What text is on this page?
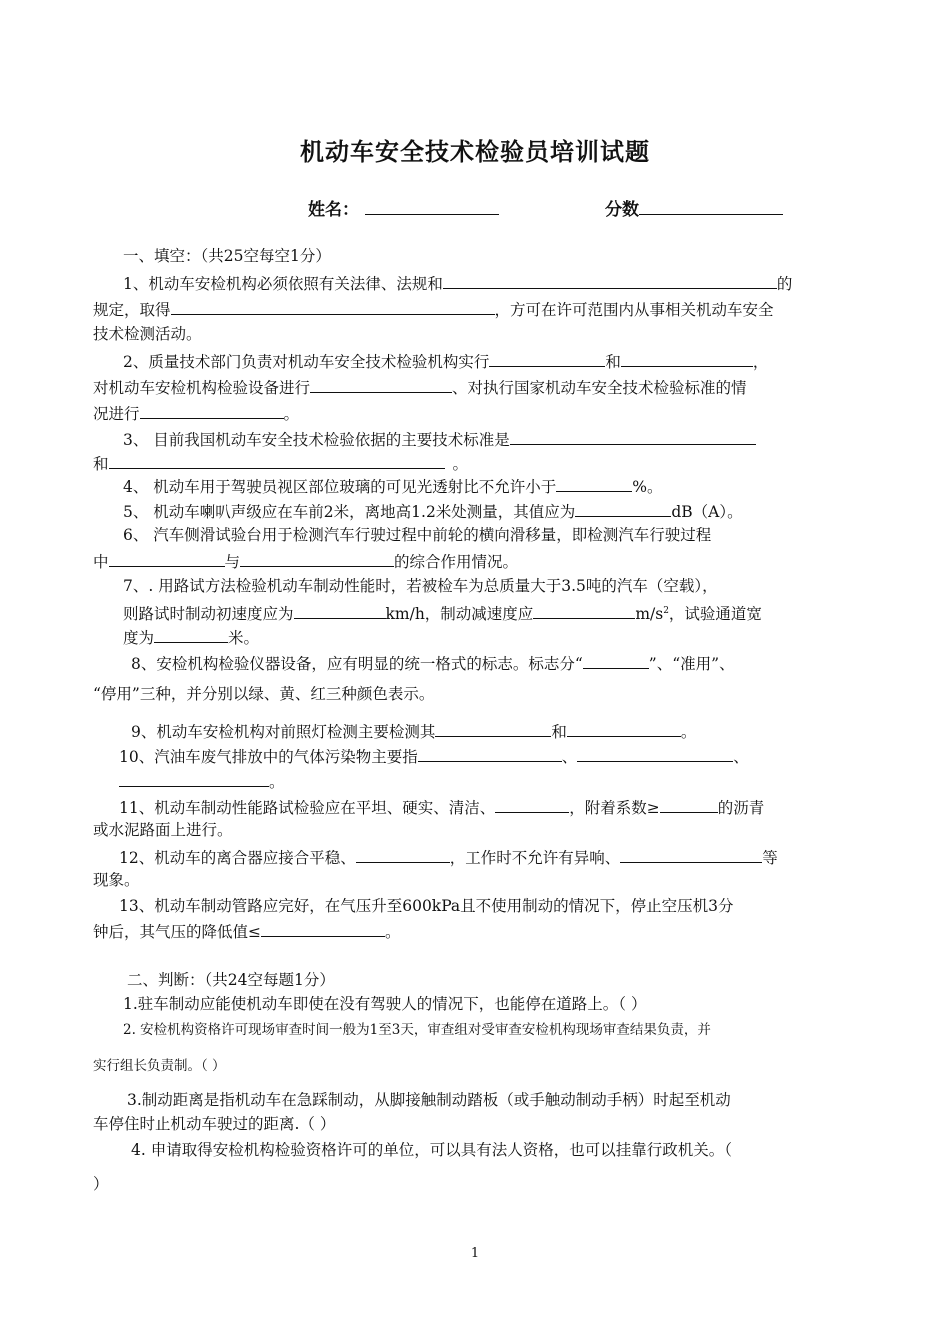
机动车安全技术检验员培训试题
姓名：	分数
一、填空：（共25空每空1分）
1、机动车安检机构必须依照有关法律、法规和	的
规定，取得	，方可在许可范围内从事相关机动车安全
技术检测活动。
2、质量技术部门负责对机动车安全技术检验机构实行	和	，
对机动车安检机构检验设备进行	、对执行国家机动车安全技术检验标准的情
况进行	。
3、 目前我国机动车安全技术检验依据的主要技术标准是
和	。
4、 机动车用于驾驶员视区部位玻璃的可见光透射比不允许小于	%。
5、 机动车喇叭声级应在车前2米，离地高1.2米处测量，其值应为	dB（A）。
6、 汽车侧滑试验台用于检测汽车行驶过程中前轮的横向滑移量，即检测汽车行驶过程
中	与	的综合作用情况。
7、. 用路试方法检验机动车制动性能时，若被检车为总质量大于3.5吨的汽车（空载），
则路试时制动初速度应为	km/h，制动减速度应	$m/s^2$，试验通道宽
度为	米。
8、安检机构检验仪器设备，应有明显的统一格式的标志。标志分“	”、“准用”、
“停用”三种，并分别以绿、黄、红三种颜色表示。
9、机动车安检机构对前照灯检测主要检测其	和	。
10、汽油车废气排放中的气体污染物主要指	、	、
。
11、机动车制动性能路试检验应在平坦、硬实、清洁、	，附着系数≥	的沥青
或水泥路面上进行。
12、机动车的离合器应接合平稳、	，工作时不允许有异响、	等
现象。
13、机动车制动管路应完好，在气压升至600kPa且不使用制动的情况下，停止空压机3分
钟后，其气压的降低值≤	。
二、判断：（共24空每题1分）
1.驻车制动应能使机动车即使在没有驾驶人的情况下，也能停在道路上。（ ）
2. 安检机构资格许可现场审查时间一般为1至3天，审查组对受审查安检机构现场审查结果负责，并
实行组长负责制。（ ）
3.制动距离是指机动车在急踩制动，从脚接触制动踏板（或手触动制动手柄）时起至机动
车停住时止机动车驶过的距离.（ ）
4. 申请取得安检机构检验资格许可的单位，可以具有法人资格，也可以挂靠行政机关。（
）
1
